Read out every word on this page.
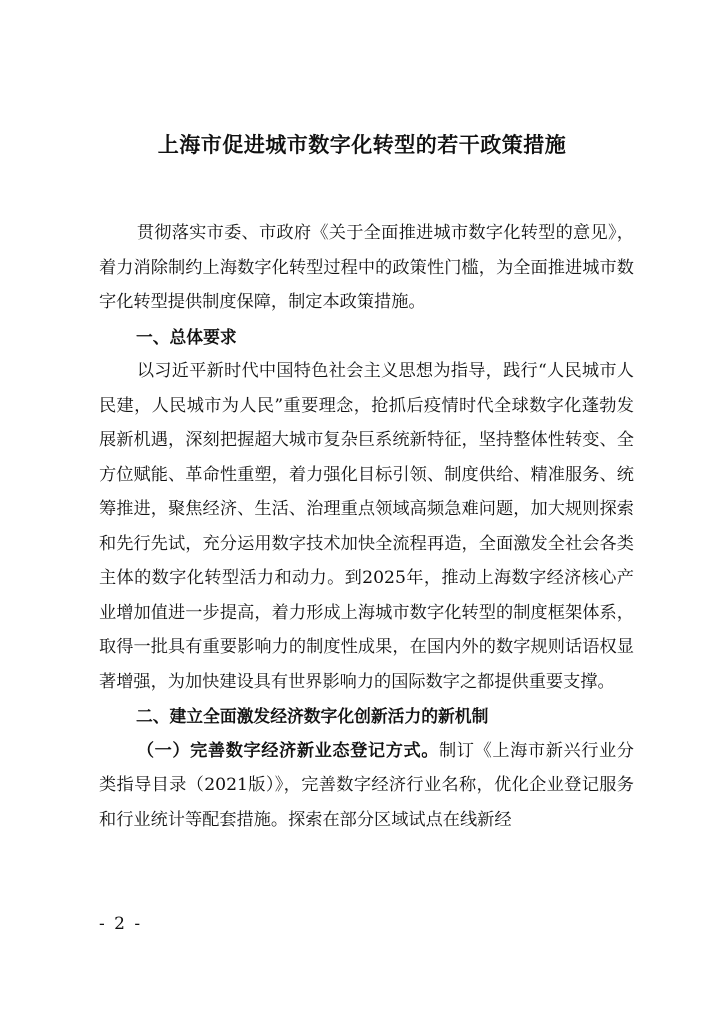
上海市促进城市数字化转型的若干政策措施

贯彻落实市委、市政府《关于全面推进城市数字化转型的意见》，着力消除制约上海数字化转型过程中的政策性门槛，为全面推进城市数字化转型提供制度保障，制定本政策措施。

一、总体要求

以习近平新时代中国特色社会主义思想为指导，践行“人民城市人民建，人民城市为人民”重要理念，抢抓后疫情时代全球数字化蓬勃发展新机遇，深刻把握超大城市复杂巨系统新特征，坚持整体性转变、全方位赋能、革命性重塑，着力强化目标引领、制度供给、精准服务、统筹推进，聚焦经济、生活、治理重点领域高频急难问题，加大规则探索和先行先试，充分运用数字技术加快全流程再造，全面激发全社会各类主体的数字化转型活力和动力。到2025年，推动上海数字经济核心产业增加值进一步提高，着力形成上海城市数字化转型的制度框架体系，取得一批具有重要影响力的制度性成果，在国内外的数字规则话语权显著增强，为加快建设具有世界影响力的国际数字之都提供重要支撑。

二、建立全面激发经济数字化创新活力的新机制

（一）完善数字经济新业态登记方式。制订《上海市新兴行业分类指导目录（2021版）》，完善数字经济行业名称，优化企业登记服务和行业统计等配套措施。探索在部分区域试点在线新经

- 2 -
